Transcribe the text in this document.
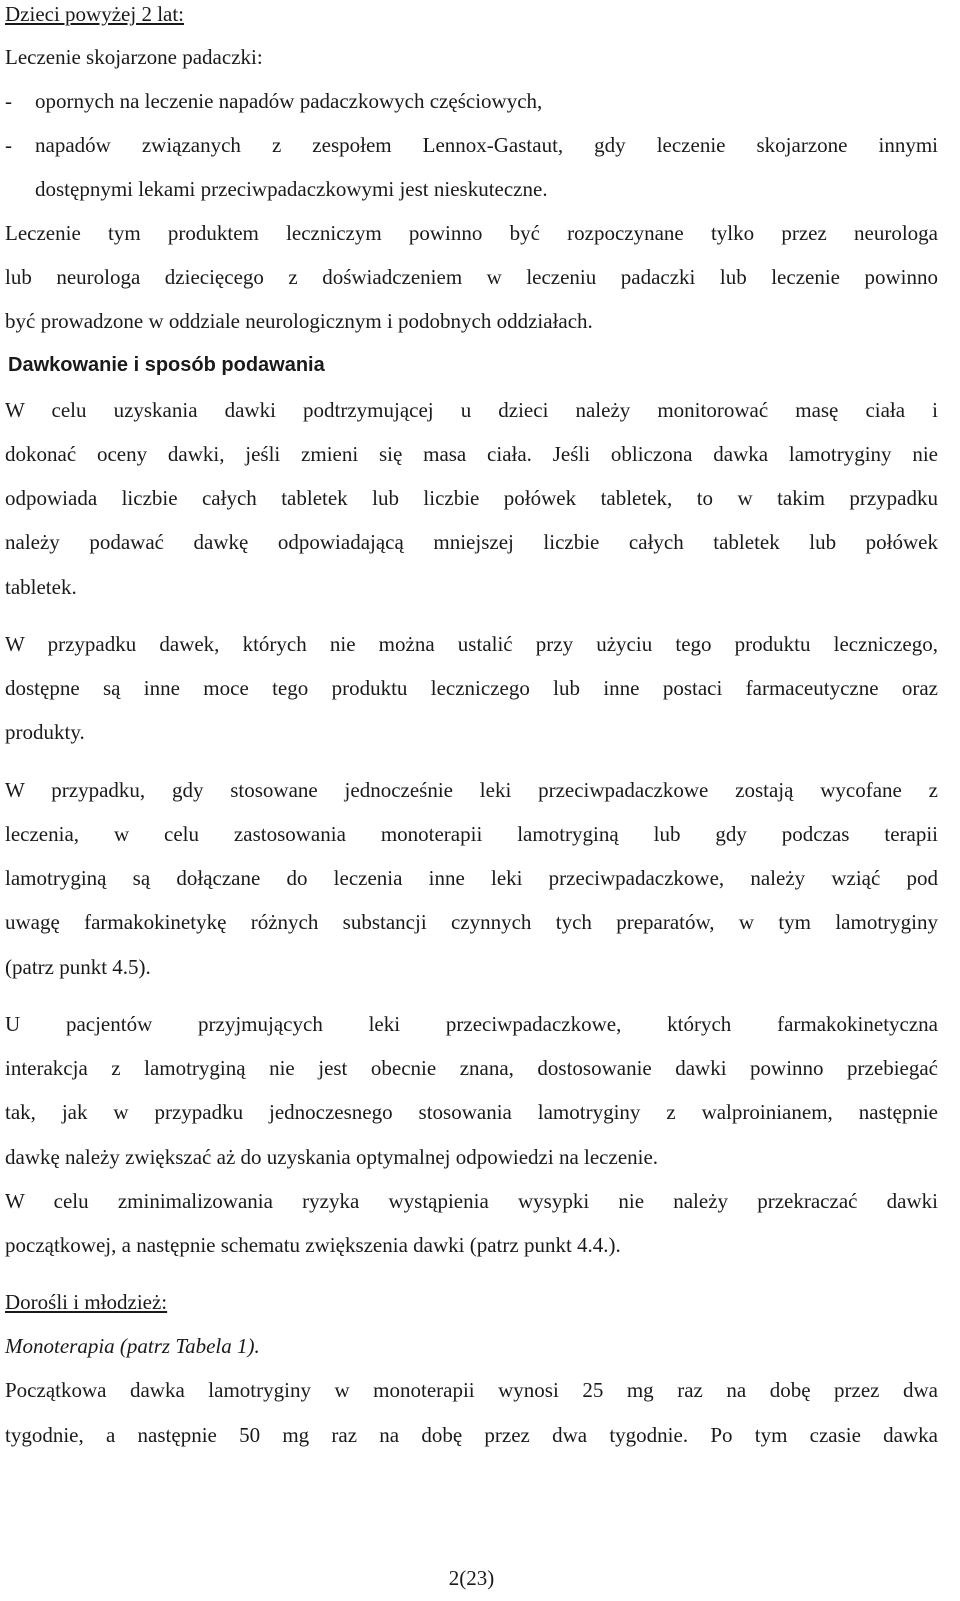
Dzieci powyżej 2 lat:
Leczenie skojarzone padaczki:
- opornych na leczenie napadów padaczkowych częściowych,
- napadów związanych z zespołem Lennox-Gastaut, gdy leczenie skojarzone innymi
dostępnymi lekami przeciwpadaczkowymi jest nieskuteczne.
Leczenie tym produktem leczniczym powinno być rozpoczynane tylko przez neurologa
lub neurologa dziecięcego z doświadczeniem w leczeniu padaczki lub leczenie powinno
być prowadzone w oddziale neurologicznym i podobnych oddziałach.
Dawkowanie i sposób podawania
W celu uzyskania dawki podtrzymującej u dzieci należy monitorować masę ciała i
dokonać oceny dawki, jeśli zmieni się masa ciała. Jeśli obliczona dawka lamotryginy nie
odpowiada liczbie całych tabletek lub liczbie połówek tabletek, to w takim przypadku
należy podawać dawkę odpowiadającą mniejszej liczbie całych tabletek lub połówek
tabletek.
W przypadku dawek, których nie można ustalić przy użyciu tego produktu leczniczego,
dostępne są inne moce tego produktu leczniczego lub inne postaci farmaceutyczne oraz
produkty.
W przypadku, gdy stosowane jednocześnie leki przeciwpadaczkowe zostają wycofane z
leczenia, w celu zastosowania monoterapii lamotryginą lub gdy podczas terapii
lamotryginą są dołączane do leczenia inne leki przeciwpadaczkowe, należy wziąć pod
uwagę farmakokinetykę różnych substancji czynnych tych preparatów, w tym lamotryginy
(patrz punkt 4.5).
U pacjentów przyjmujących leki przeciwpadaczkowe, których farmakokinetyczna
interakcja z lamotryginą nie jest obecnie znana, dostosowanie dawki powinno przebiegać
tak, jak w przypadku jednoczesnego stosowania lamotryginy z walproinianem, następnie
dawkę należy zwiększać aż do uzyskania optymalnej odpowiedzi na leczenie.
W celu zminimalizowania ryzyka wystąpienia wysypki nie należy przekraczać dawki
początkowej, a następnie schematu zwiększenia dawki (patrz punkt 4.4.).
Dorośli i młodzież:
Monoterapia (patrz Tabela 1).
Początkowa dawka lamotryginy w monoterapii wynosi 25 mg raz na dobę przez dwa
tygodnie, a następnie 50 mg raz na dobę przez dwa tygodnie. Po tym czasie dawka
2(23)
